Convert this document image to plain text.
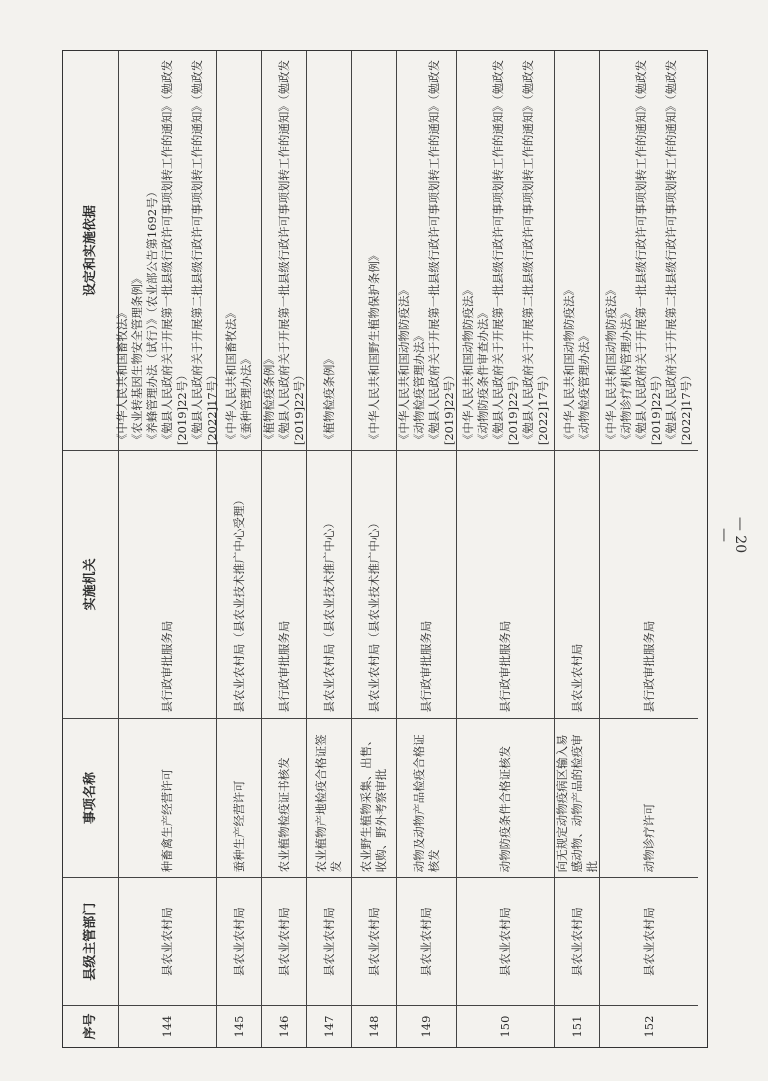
序号
县级主管部门
事项名称
实施机关
设定和实施依据
144
县农业农村局
种畜禽生产经营许可
县行政审批服务局
《中华人民共和国畜牧法》 《农业转基因生物安全管理条例》 《养蜂管理办法（试行）》（农业部公告第1692号） 《勉县人民政府关于开展第一批县级行政许可事项划转工作的通知》（勉政发 [2019]22号） 《勉县人民政府关于开展第二批县级行政许可事项划转工作的通知》（勉政发 [2022]17号）
145
县农业农村局
蚕种生产经营许可
县农业农村局（县农业技术推广中心受理）
《中华人民共和国畜牧法》 《蚕种管理办法》
146
县农业农村局
农业植物检疫证书核发
县行政审批服务局
《植物检疫条例》 《勉县人民政府关于开展第一批县级行政许可事项划转工作的通知》（勉政发 [2019]22号）
147
县农业农村局
农业植物产地检疫合格证签发
县农业农村局（县农业技术推广中心）
《植物检疫条例》
148
县农业农村局
农业野生植物采集、出售、收购、野外考察审批
县农业农村局（县农业技术推广中心）
《中华人民共和国野生植物保护条例》
149
县农业农村局
动物及动物产品检疫合格证核发
县行政审批服务局
《中华人民共和国动物防疫法》 《动物检疫管理办法》 《勉县人民政府关于开展第一批县级行政许可事项划转工作的通知》（勉政发 [2019]22号）
150
县农业农村局
动物防疫条件合格证核发
县行政审批服务局
《中华人民共和国动物防疫法》 《动物防疫条件审查办法》 《勉县人民政府关于开展第一批县级行政许可事项划转工作的通知》（勉政发 [2019]22号） 《勉县人民政府关于开展第二批县级行政许可事项划转工作的通知》（勉政发 [2022]17号）
151
县农业农村局
向无规定动物疫病区输入易感动物、动物产品的检疫审批
县农业农村局
《中华人民共和国动物防疫法》 《动物检疫管理办法》
152
县农业农村局
动物诊疗许可
县行政审批服务局
《中华人民共和国动物防疫法》 《动物诊疗机构管理办法》 《勉县人民政府关于开展第一批县级行政许可事项划转工作的通知》（勉政发 [2019]22号） 《勉县人民政府关于开展第二批县级行政许可事项划转工作的通知》（勉政发 [2022]17号）
— 20 —
